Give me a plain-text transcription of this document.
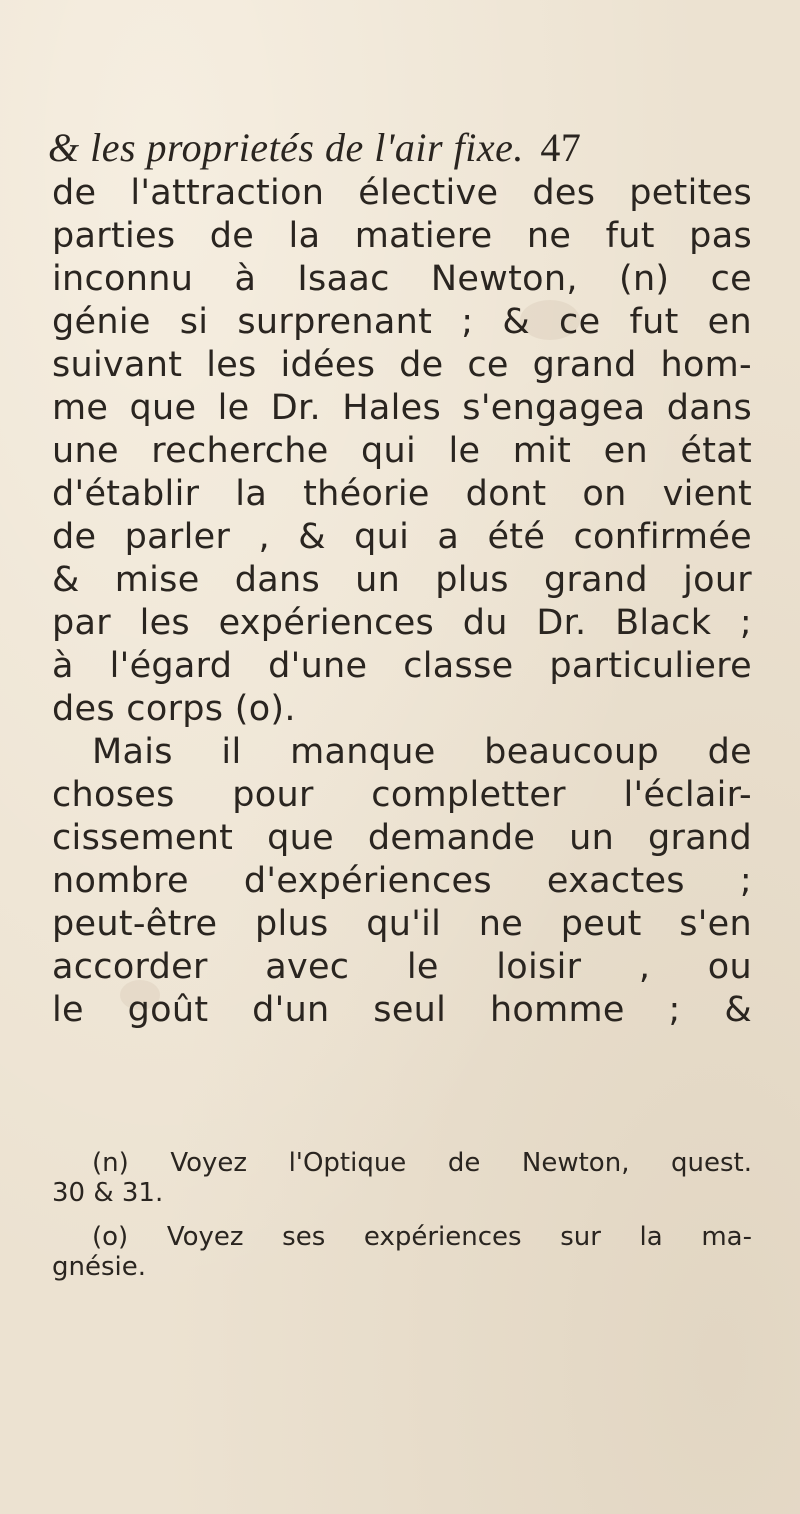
& les proprietés de l'air fixe. 47
de l'attraction élective des petites
parties de la matiere ne fut pas
inconnu à Isaac Newton, (n) ce
génie si surprenant ; & ce fut en
suivant les idées de ce grand hom-
me que le Dr. Hales s'engagea dans
une recherche qui le mit en état
d'établir la théorie dont on vient
de parler , & qui a été confirmée
& mise dans un plus grand jour
par les expériences du Dr. Black ;
à l'égard d'une classe particuliere
des corps (o).
Mais il manque beaucoup de
choses pour completter l'éclair-
cissement que demande un grand
nombre d'expériences exactes ;
peut-être plus qu'il ne peut s'en
accorder avec le loisir , ou
le goût d'un seul homme ; &
(n) Voyez l'Optique de Newton, quest.
30 & 31.
(o) Voyez ses expériences sur la ma-
gnésie.
